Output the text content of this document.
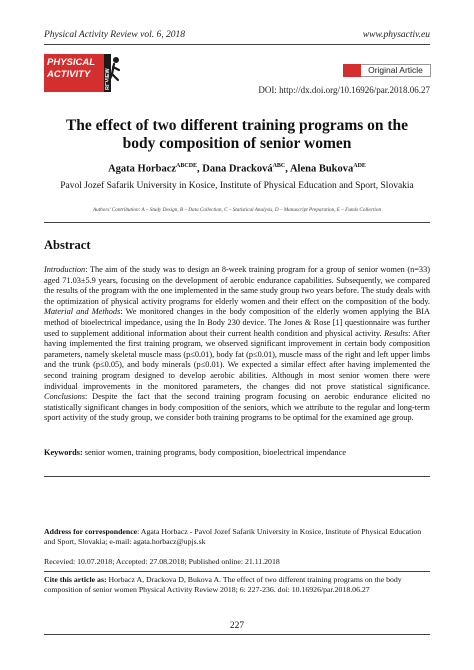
Physical Activity Review vol. 6, 2018	www.physactiv.eu
PHYSICAL
ACTIVITY	REVIEW	Original Article
DOI: http://dx.doi.org/10.16926/par.2018.06.27
The effect of two different training programs on the body composition of senior women
Agata Horbacz$^{ABCDE}$, Dana Dracková$^{ABC}$, Alena Bukova$^{ADE}$
Pavol Jozef Safarik University in Kosice, Institute of Physical Education and Sport, Slovakia
Authors' Contribution: A – Study Design, B – Data Collection, C – Statistical Analysis, D – Manuscript Preparation, E – Funds Collection
Abstract
Introduction: The aim of the study was to design an 8-week training program for a group of senior women (n=33) aged 71.03±5.9 years, focusing on the development of aerobic endurance capabilities. Subsequently, we compared the results of the program with the one implemented in the same study group two years before. The study deals with the optimization of physical activity programs for elderly women and their effect on the composition of the body. Material and Methods: We monitored changes in the body composition of the elderly women applying the BIA method of bioelectrical impedance, using the In Body 230 device. The Jones & Rose [1] questionnaire was further used to supplement additional information about their current health condition and physical activity. Results: After having implemented the first training program, we observed significant improvement in certain body composition parameters, namely skeletal muscle mass (p≤0.01), body fat (p≤0.01), muscle mass of the right and left upper limbs and the trunk (p≤0.05), and body minerals (p≤0.01). We expected a similar effect after having implemented the second training program designed to develop aerobic abilities. Although in most senior women there were individual improvements in the monitored parameters, the changes did not prove statistical significance. Conclusions: Despite the fact that the second training program focusing on aerobic endurance elicited no statistically significant changes in body composition of the seniors, which we attribute to the regular and long-term sport activity of the study group, we consider both training programs to be optimal for the examined age group.
Keywords: senior women, training programs, body composition, bioelectrical impendance
Address for correspondence: Agata Horbacz - Pavol Jozef Safarik University in Kosice, Institute of Physical Education and Sport, Slovakia; e-mail: agata.horbacz@upjs.sk
Recevied: 10.07.2018; Accepted: 27.08.2018; Published online: 21.11.2018
Cite this article as: Horbacz A, Drackova D, Bukova A. The effect of two different training programs on the body composition of senior women Physical Activity Review 2018; 6: 227-236. doi: 10.16926/par.2018.06.27
227
